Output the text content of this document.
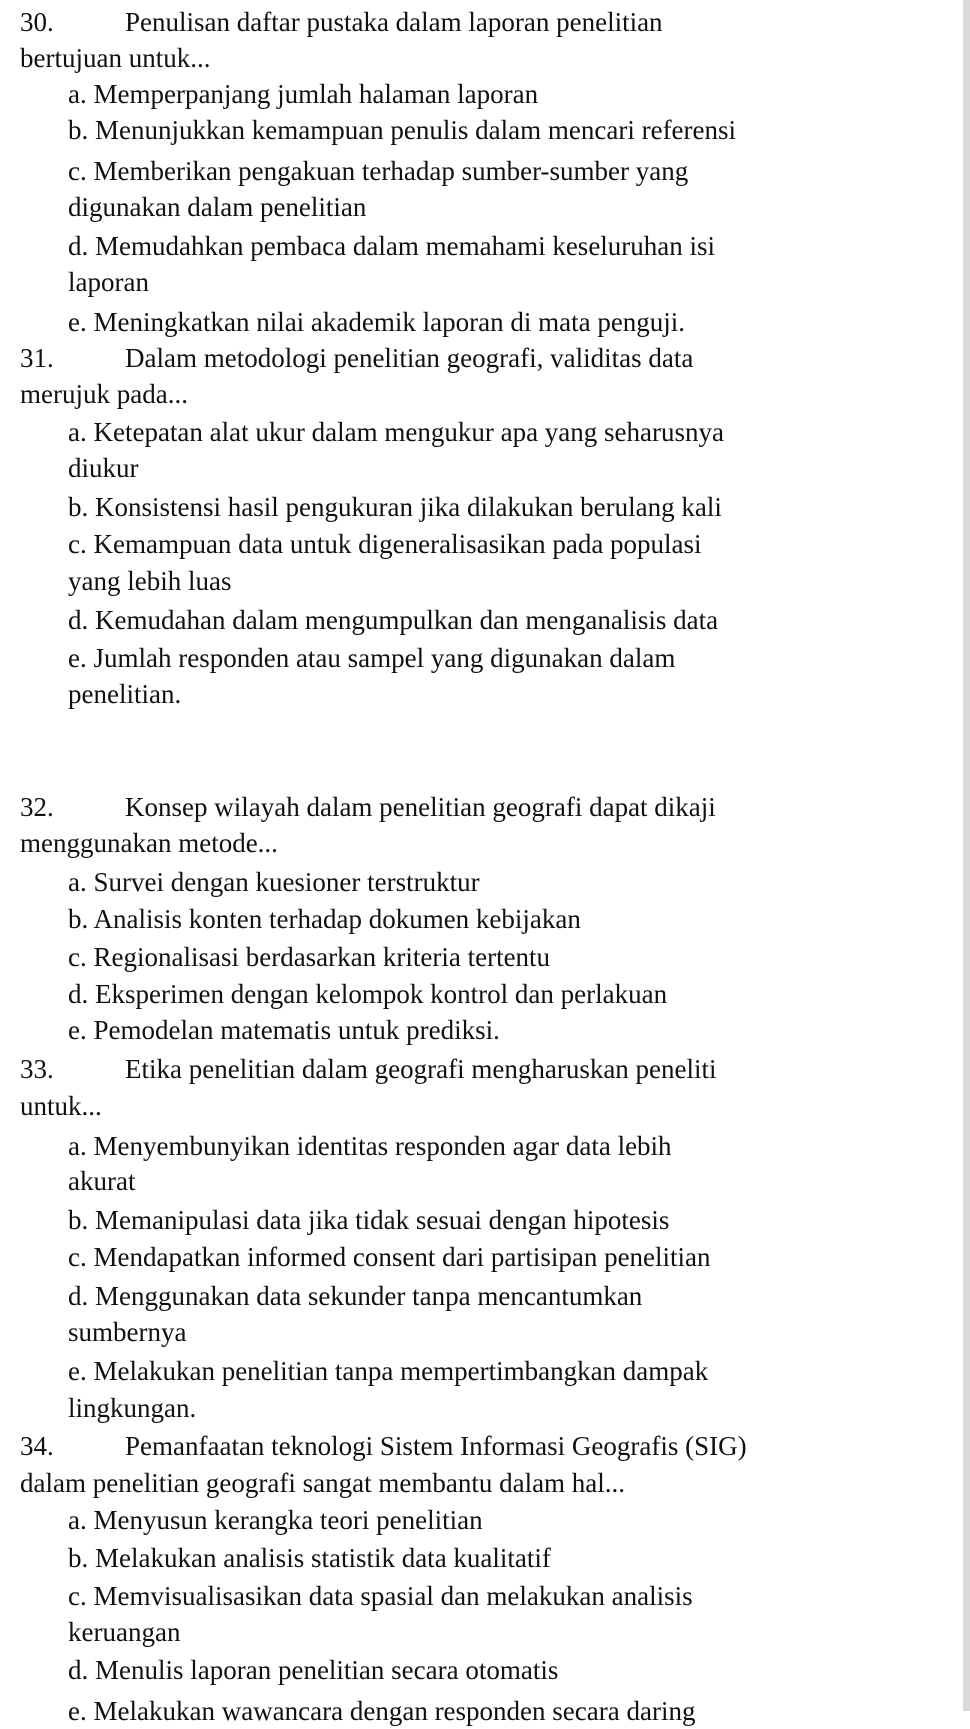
30.	Penulisan daftar pustaka dalam laporan penelitian
bertujuan untuk...
a. Memperpanjang jumlah halaman laporan
b. Menunjukkan kemampuan penulis dalam mencari referensi
c. Memberikan pengakuan terhadap sumber-sumber yang
digunakan dalam penelitian
d. Memudahkan pembaca dalam memahami keseluruhan isi
laporan
e. Meningkatkan nilai akademik laporan di mata penguji.
31.	Dalam metodologi penelitian geografi, validitas data
merujuk pada...
a. Ketepatan alat ukur dalam mengukur apa yang seharusnya
diukur
b. Konsistensi hasil pengukuran jika dilakukan berulang kali
c. Kemampuan data untuk digeneralisasikan pada populasi
yang lebih luas
d. Kemudahan dalam mengumpulkan dan menganalisis data
e. Jumlah responden atau sampel yang digunakan dalam
penelitian.
32.	Konsep wilayah dalam penelitian geografi dapat dikaji
menggunakan metode...
a. Survei dengan kuesioner terstruktur
b. Analisis konten terhadap dokumen kebijakan
c. Regionalisasi berdasarkan kriteria tertentu
d. Eksperimen dengan kelompok kontrol dan perlakuan
e. Pemodelan matematis untuk prediksi.
33.	Etika penelitian dalam geografi mengharuskan peneliti
untuk...
a. Menyembunyikan identitas responden agar data lebih
akurat
b. Memanipulasi data jika tidak sesuai dengan hipotesis
c. Mendapatkan informed consent dari partisipan penelitian
d. Menggunakan data sekunder tanpa mencantumkan
sumbernya
e. Melakukan penelitian tanpa mempertimbangkan dampak
lingkungan.
34.	Pemanfaatan teknologi Sistem Informasi Geografis (SIG)
dalam penelitian geografi sangat membantu dalam hal...
a. Menyusun kerangka teori penelitian
b. Melakukan analisis statistik data kualitatif
c. Memvisualisasikan data spasial dan melakukan analisis
keruangan
d. Menulis laporan penelitian secara otomatis
e. Melakukan wawancara dengan responden secara daring
